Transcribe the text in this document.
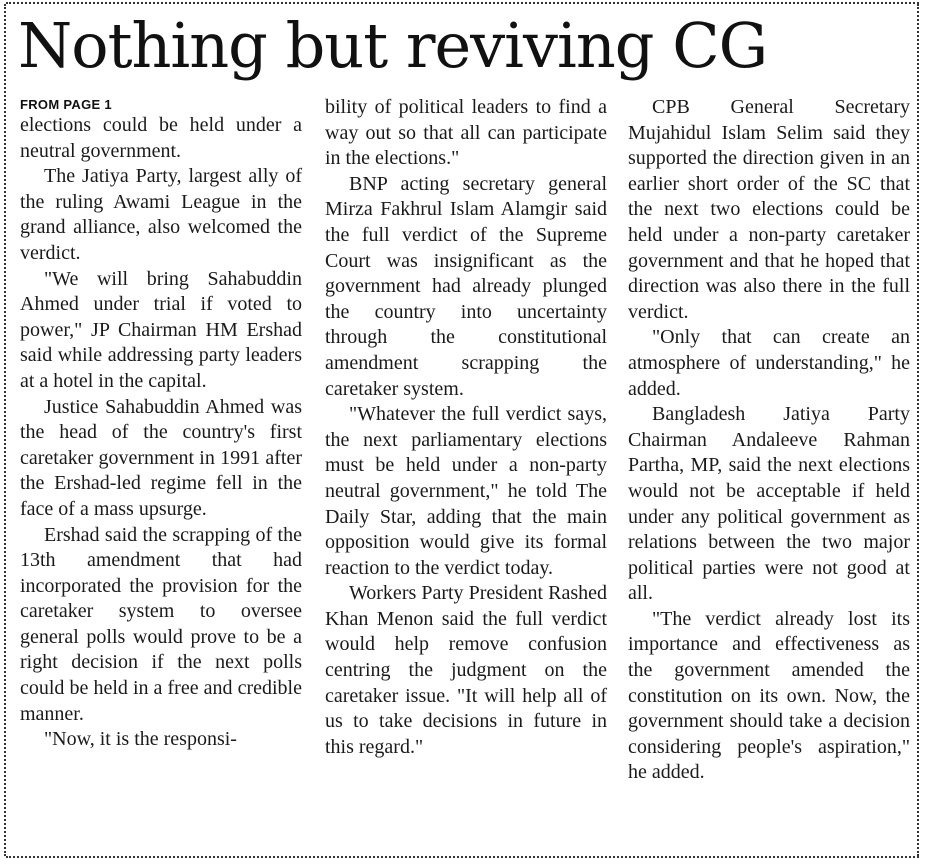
Nothing but reviving CG
FROM PAGE 1

elections could be held under a neutral government.

The Jatiya Party, largest ally of the ruling Awami League in the grand alliance, also welcomed the verdict.

"We will bring Sahabuddin Ahmed under trial if voted to power," JP Chairman HM Ershad said while addressing party leaders at a hotel in the capital.

Justice Sahabuddin Ahmed was the head of the country's first caretaker government in 1991 after the Ershad-led regime fell in the face of a mass upsurge.

Ershad said the scrapping of the 13th amendment that had incorporated the provision for the caretaker system to oversee general polls would prove to be a right decision if the next polls could be held in a free and credible manner.

"Now, it is the responsi-

bility of political leaders to find a way out so that all can participate in the elections."

BNP acting secretary general Mirza Fakhrul Islam Alamgir said the full verdict of the Supreme Court was insignificant as the government had already plunged the country into uncertainty through the constitutional amendment scrapping the caretaker system.

"Whatever the full verdict says, the next parliamentary elections must be held under a non-party neutral government," he told The Daily Star, adding that the main opposition would give its formal reaction to the verdict today.

Workers Party President Rashed Khan Menon said the full verdict would help remove confusion centring the judgment on the caretaker issue. "It will help all of us to take decisions in future in this regard."

CPB General Secretary Mujahidul Islam Selim said they supported the direction given in an earlier short order of the SC that the next two elections could be held under a non-party caretaker government and that he hoped that direction was also there in the full verdict.

"Only that can create an atmosphere of understanding," he added.

Bangladesh Jatiya Party Chairman Andaleeve Rahman Partha, MP, said the next elections would not be acceptable if held under any political government as relations between the two major political parties were not good at all.

"The verdict already lost its importance and effectiveness as the government amended the constitution on its own. Now, the government should take a decision considering people's aspiration," he added.
